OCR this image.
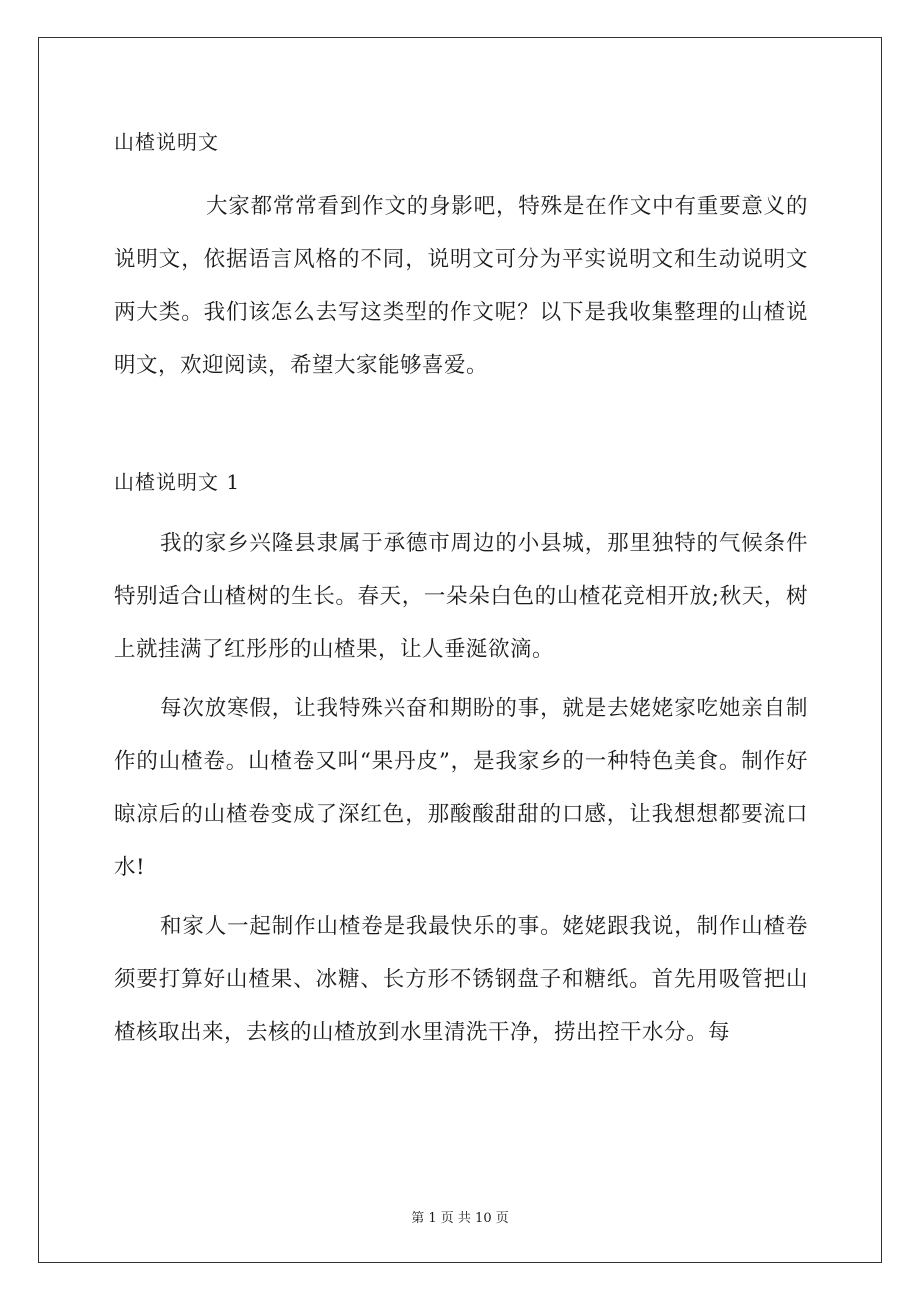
山楂说明文

大家都常常看到作文的身影吧，特殊是在作文中有重要意义的说明文，依据语言风格的不同，说明文可分为平实说明文和生动说明文两大类。我们该怎么去写这类型的作文呢？以下是我收集整理的山楂说明文，欢迎阅读，希望大家能够喜爱。

山楂说明文 1

我的家乡兴隆县隶属于承德市周边的小县城，那里独特的气候条件特别适合山楂树的生长。春天，一朵朵白色的山楂花竞相开放;秋天，树上就挂满了红彤彤的山楂果，让人垂涎欲滴。

每次放寒假，让我特殊兴奋和期盼的事，就是去姥姥家吃她亲自制作的山楂卷。山楂卷又叫“果丹皮”，是我家乡的一种特色美食。制作好晾凉后的山楂卷变成了深红色，那酸酸甜甜的口感，让我想想都要流口水!

和家人一起制作山楂卷是我最快乐的事。姥姥跟我说，制作山楂卷须要打算好山楂果、冰糖、长方形不锈钢盘子和糖纸。首先用吸管把山楂核取出来，去核的山楂放到水里清洗干净，捞出控干水分。每

第 1 页 共 10 页
